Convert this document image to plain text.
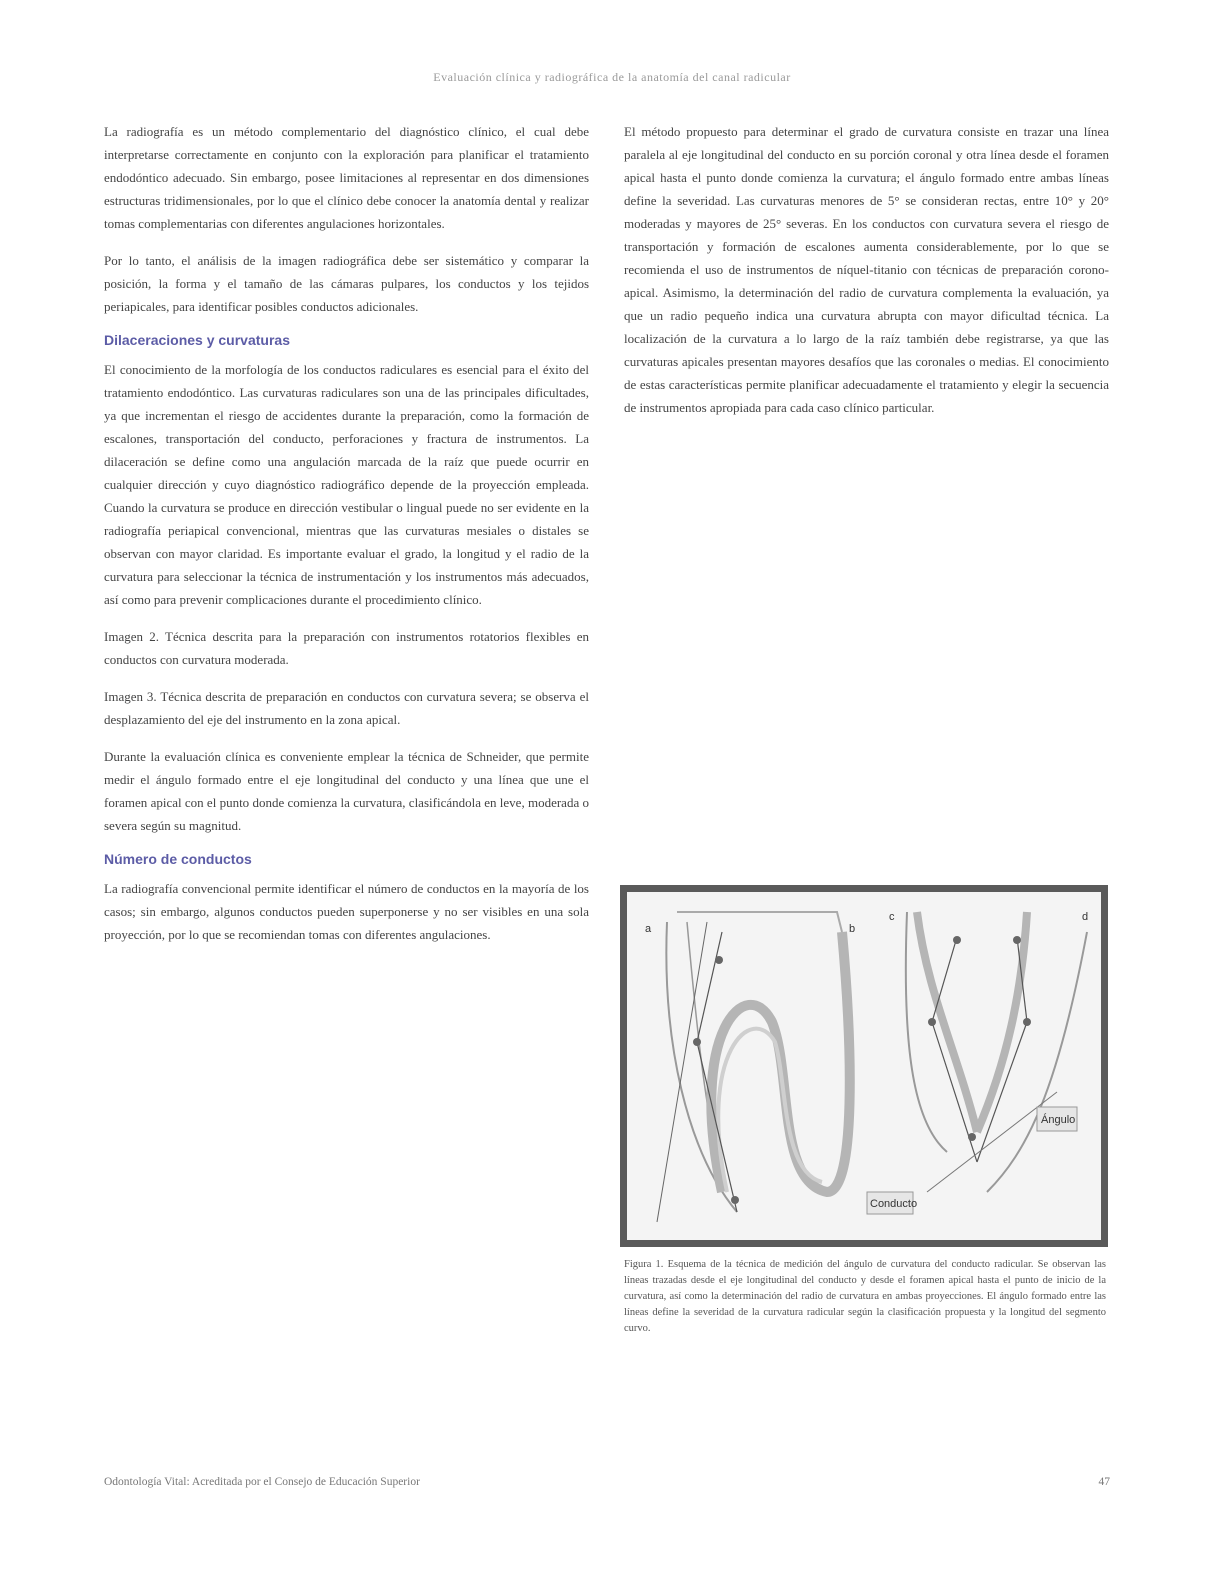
Evaluación clínica y radiográfica de la anatomía del canal radicular

La radiografía es un método complementario del diagnóstico clínico, el cual debe interpretarse correctamente en conjunto con la exploración para planificar el tratamiento endodóntico adecuado. Sin embargo, posee limitaciones al representar en dos dimensiones estructuras tridimensionales, por lo que el clínico debe conocer la anatomía dental y realizar tomas complementarias con diferentes angulaciones horizontales.

Por lo tanto, el análisis de la imagen radiográfica debe ser sistemático y comparar la posición, la forma y el tamaño de las cámaras pulpares, los conductos y los tejidos periapicales, para identificar posibles conductos adicionales.

Dilaceraciones y curvaturas

El conocimiento de la morfología de los conductos radiculares es esencial para el éxito del tratamiento endodóntico. Las curvaturas radiculares son una de las principales dificultades, ya que incrementan el riesgo de accidentes durante la preparación, como la formación de escalones, transportación del conducto, perforaciones y fractura de instrumentos. La dilaceración se define como una angulación marcada de la raíz que puede ocurrir en cualquier dirección y cuyo diagnóstico radiográfico depende de la proyección empleada. Cuando la curvatura se produce en dirección vestibular o lingual puede no ser evidente en la radiografía periapical convencional, mientras que las curvaturas mesiales o distales se observan con mayor claridad. Es importante evaluar el grado, la longitud y el radio de la curvatura para seleccionar la técnica de instrumentación y los instrumentos más adecuados, así como para prevenir complicaciones durante el procedimiento clínico.

Imagen 2. Técnica descrita para la preparación con instrumentos rotatorios flexibles en conductos con curvatura moderada.

Imagen 3. Técnica descrita de preparación en conductos con curvatura severa; se observa el desplazamiento del eje del instrumento en la zona apical.

Durante la evaluación clínica es conveniente emplear la técnica de Schneider, que permite medir el ángulo formado entre el eje longitudinal del conducto y una línea que une el foramen apical con el punto donde comienza la curvatura, clasificándola en leve, moderada o severa según su magnitud.

Número de conductos

La radiografía convencional permite identificar el número de conductos en la mayoría de los casos; sin embargo, algunos conductos pueden superponerse y no ser visibles en una sola proyección, por lo que se recomiendan tomas con diferentes angulaciones.

El método propuesto para determinar el grado de curvatura consiste en trazar una línea paralela al eje longitudinal del conducto en su porción coronal y otra línea desde el foramen apical hasta el punto donde comienza la curvatura; el ángulo formado entre ambas líneas define la severidad. Las curvaturas menores de 5° se consideran rectas, entre 10° y 20° moderadas y mayores de 25° severas. En los conductos con curvatura severa el riesgo de transportación y formación de escalones aumenta considerablemente, por lo que se recomienda el uso de instrumentos de níquel-titanio con técnicas de preparación corono-apical. Asimismo, la determinación del radio de curvatura complementa la evaluación, ya que un radio pequeño indica una curvatura abrupta con mayor dificultad técnica. La localización de la curvatura a lo largo de la raíz también debe registrarse, ya que las curvaturas apicales presentan mayores desafíos que las coronales o medias. El conocimiento de estas características permite planificar adecuadamente el tratamiento y elegir la secuencia de instrumentos apropiada para cada caso clínico particular.

Ángulo
Conducto
a	b
c	d
Figura 1. Esquema de la técnica de medición del ángulo de curvatura del conducto radicular. Se observan las líneas trazadas desde el eje longitudinal del conducto y desde el foramen apical hasta el punto de inicio de la curvatura, así como la determinación del radio de curvatura en ambas proyecciones. El ángulo formado entre las líneas define la severidad de la curvatura radicular según la clasificación propuesta y la longitud del segmento curvo.
Odontología Vital: Acreditada por el Consejo de Educación Superior	47
